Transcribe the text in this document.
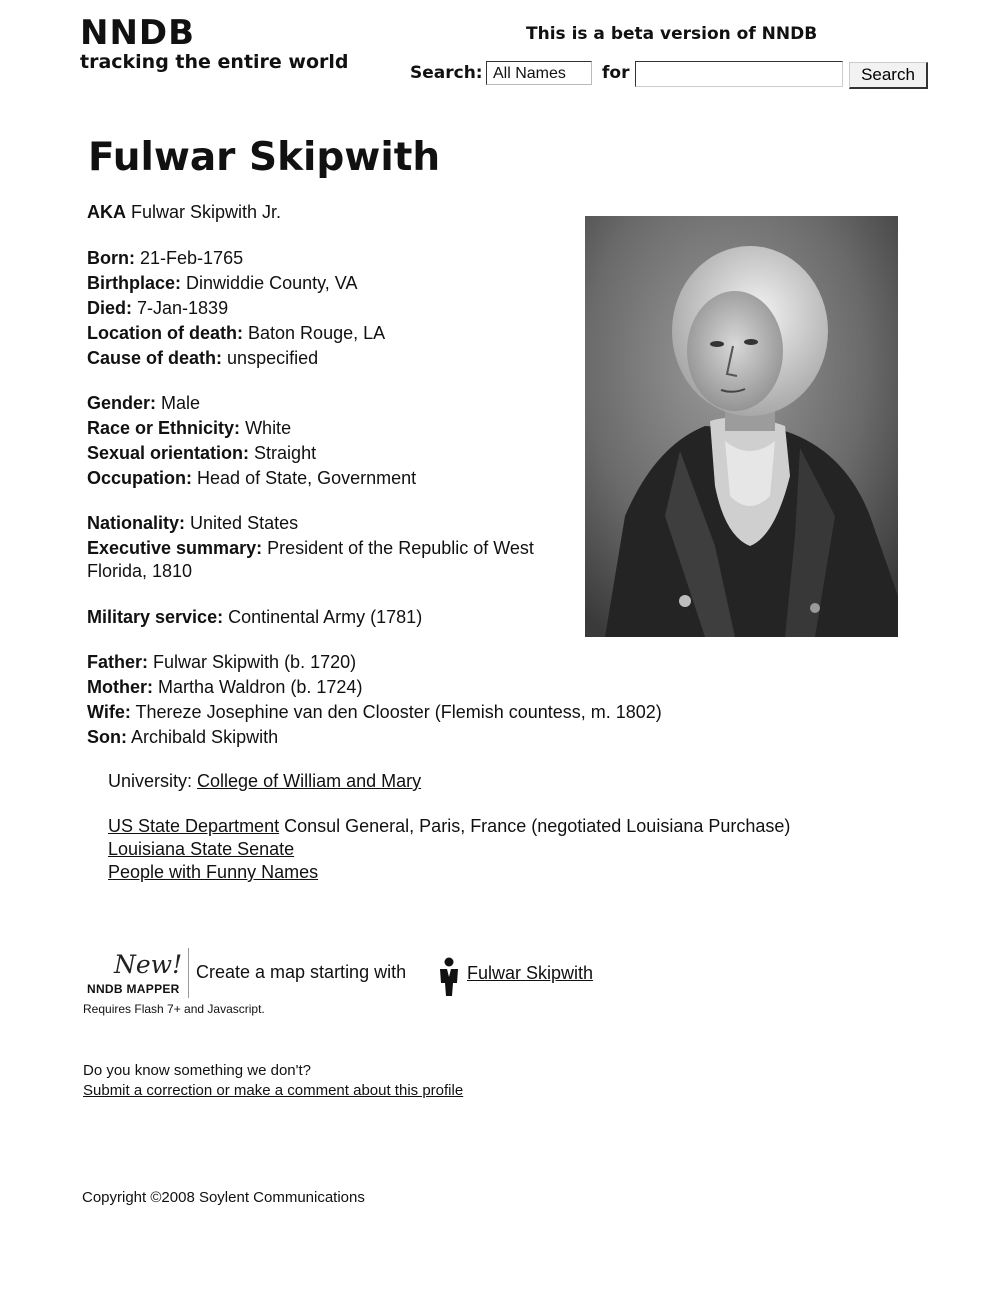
NNDB
tracking the entire world
This is a beta version of NNDB
Search: All Names	for	Search
Fulwar Skipwith
AKA Fulwar Skipwith Jr.
Born: 21-Feb-1765
Birthplace: Dinwiddie County, VA
Died: 7-Jan-1839
Location of death: Baton Rouge, LA
Cause of death: unspecified
Gender: Male
Race or Ethnicity: White
Sexual orientation: Straight
Occupation: Head of State, Government
Nationality: United States
Executive summary: President of the Republic of West Florida, 1810
Military service: Continental Army (1781)
Father: Fulwar Skipwith (b. 1720)
Mother: Martha Waldron (b. 1724)
Wife: Thereze Josephine van den Clooster (Flemish countess, m. 1802)
Son: Archibald Skipwith
University: College of William and Mary
US State Department Consul General, Paris, France (negotiated Louisiana Purchase)
Louisiana State Senate
People with Funny Names
New!
NNDB MAPPER
Create a map starting with	Fulwar Skipwith
Requires Flash 7+ and Javascript.
Do you know something we don't?
Submit a correction or make a comment about this profile
Copyright ©2008 Soylent Communications
